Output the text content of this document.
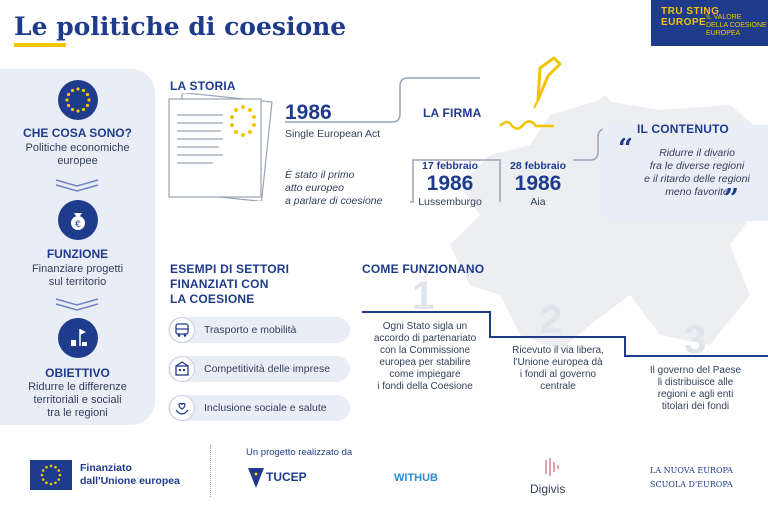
Le politiche di coesione
TRU STING
EUROPE IL VALORE
DELLA COESIONE
EUROPEA
CHE COSA SONO?
Politiche economiche
europee
€
FUNZIONE
Finanziare progetti
sul territorio
OBIETTIVO
Ridurre le differenze
territoriali e sociali
tra le regioni
LA STORIA
1986
Single European Act
È stato il primo
atto europeo
a parlare di coesione
LA FIRMA
17 febbraio
1986
Lussemburgo
28 febbraio
1986
Aia
IL CONTENUTO
“	Ridurre il divario
fra le diverse regioni
e il ritardo delle regioni
meno favorite
”
ESEMPI DI SETTORI
FINANZIATI CON
LA COESIONE
Trasporto e mobilità
Competitività delle imprese
Inclusione sociale e salute
COME FUNZIONANO
1
Ogni Stato sigla un
accordo di partenariato
con la Commissione
europea per stabilire
come impiegare
i fondi della Coesione
2
Ricevuto il via libera,
l'Unione europea dà
i fondi al governo
centrale
3
Il governo del Paese
li distribuisce alle
regioni e agli enti
titolari dei fondi
Finanziato
dall'Unione europea
Un progetto realizzato da
TUCEP	WITHUB
Digivis
LA NUOVA EUROPA
SCUOLA D'EUROPA
